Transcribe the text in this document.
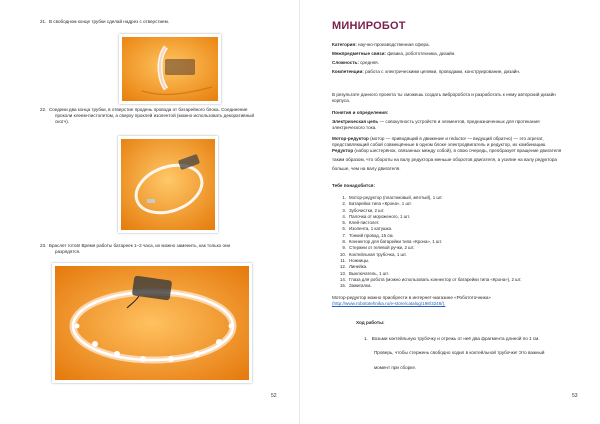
21. В свободном конце трубки сделай надрез с отверстием.
22. Соедини два конца трубки, в отверстие продень провода от батарейного блока. Соединение
проколи клеем-пистолетом, а сверху проклей изолентой (можно использовать декоративный
скотч).
23. Браслет готов! Время работы батареек 1–2 часа, их можно заменить, как только они
разрядятся.
52
МИНИРОБОТ
Категория: научно-производственная сфера.
Межпредметные связи: физика, робототехника, дизайн.
Сложность: средняя.
Компетенции: работа с электрическими цепями, проводами, конструирование, дизайн.
В результате данного проекта ты сможешь создать виброробота и разработать к нему авторский дизайн
корпуса.
Понятия и определения:
Электрическая цепь — совокупность устройств и элементов, предназначенных для протекания
электрического тока.
Мотор-редуктор (мотор — приводящий в движение и reductor — ведущий обратно) — это агрегат,
представляющий собой совмещённые в одном блоке электродвигатель и редуктор, их комбинацию.
Редуктор (набор шестерёнок, связанных между собой), в свою очередь, преобразует вращение двигателя
таким образом, что обороты на валу редуктора меньше оборотов двигателя, а усилие на валу редуктора
больше, чем на валу двигателя.
Тебе понадобится:
1. Мотор-редуктор (пластиковый, жёлтый), 1 шт.
2. Батарейка типа «Крона», 1 шт.
3. Зубочистки, 2 шт.
4. Палочка от мороженого, 1 шт.
5. Клей-пистолет.
6. Изолента, 1 катушка.
7. Тонкий провод, 15 см.
8. Коннектор для батарейки типа «Крона», 1 шт.
9. Стержни от гелевой ручки, 2 шт.
10. Коктейльная трубочка, 1 шт.
11. Ножницы.
12. Линейка.
13. Выключатель, 1 шт.
14. Глаза для робота (можно использовать коннектор от батарейки типа «Крона»), 2 шт.
15. Зажигалка.
Мотор-редуктор можно приобрести в интернет-магазине «Робототочника»
(http://www.robototehnika.ru/e-store/catalog/198/3246/).
Ход работы:
1. Возьми коктейльную трубочку и отрежь от неё два фрагмента длиной по 1 см.
Проверь, чтобы стержень свободно ходил в коктейльной трубочке! Это важный
момент при сборке.
53
